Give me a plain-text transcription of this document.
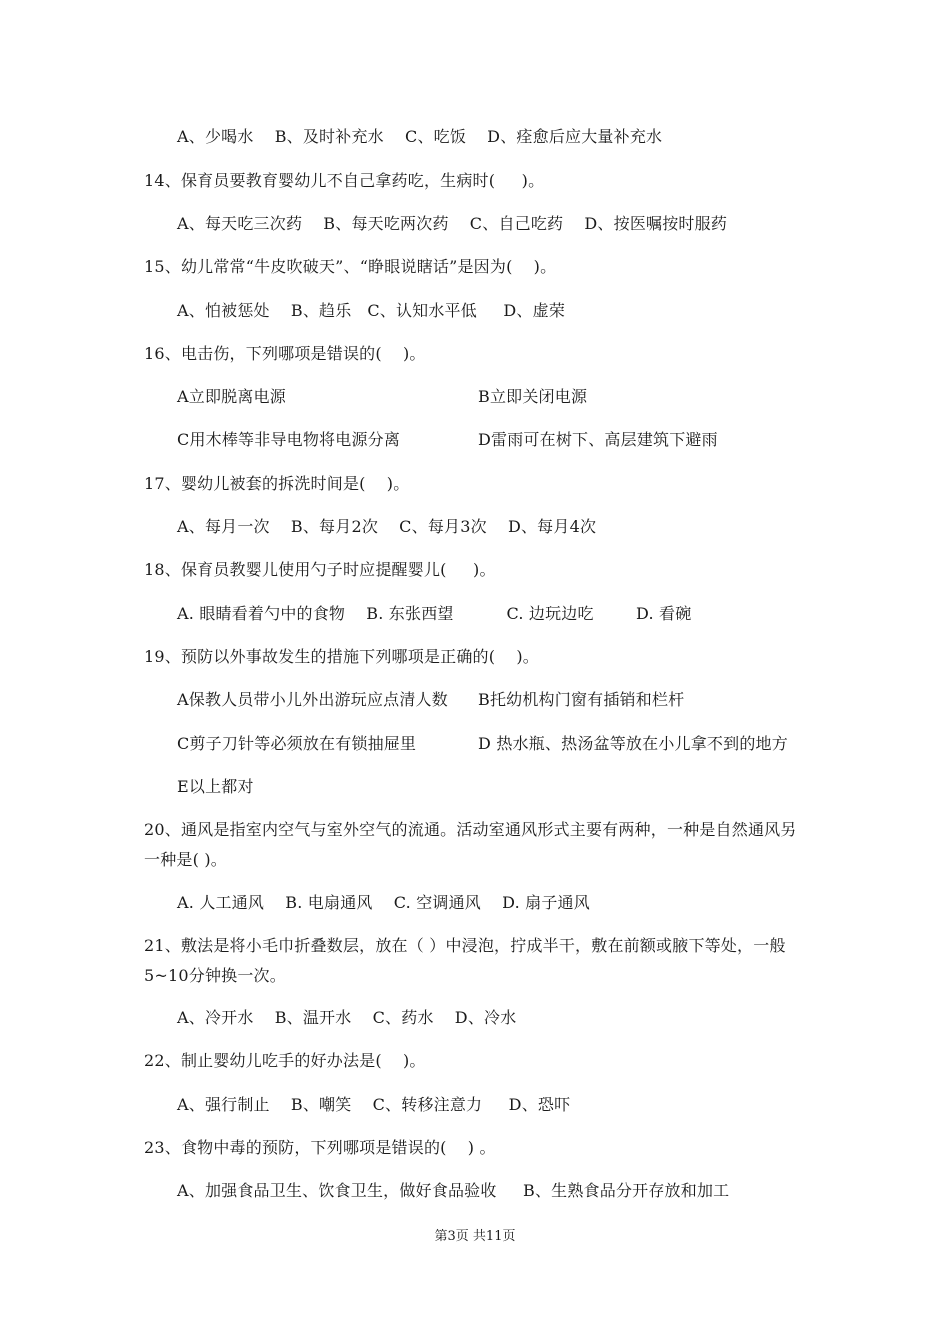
A、少喝水    B、及时补充水    C、吃饭    D、痊愈后应大量补充水
14、保育员要教育婴幼儿不自己拿药吃，生病时(     )。
A、每天吃三次药    B、每天吃两次药    C、自己吃药    D、按医嘱按时服药
15、幼儿常常“牛皮吹破天”、“睁眼说瞎话”是因为(    )。
A、怕被惩处    B、趋乐   C、认知水平低     D、虚荣
16、电击伤，下列哪项是错误的(    )。
A立即脱离电源	B立即关闭电源
C用木棒等非导电物将电源分离	D雷雨可在树下、高层建筑下避雨
17、婴幼儿被套的拆洗时间是(    )。
A、每月一次    B、每月2次    C、每月3次    D、每月4次
18、保育员教婴儿使用勺子时应提醒婴儿(     )。
A. 眼睛看着勺中的食物    B. 东张西望          C. 边玩边吃        D. 看碗
19、预防以外事故发生的措施下列哪项是正确的(    )。
A保教人员带小儿外出游玩应点清人数 B托幼机构门窗有插销和栏杆
C剪子刀针等必须放在有锁抽屉里	D 热水瓶、热汤盆等放在小儿拿不到的地方
E以上都对
20、通风是指室内空气与室外空气的流通。活动室通风形式主要有两种，一种是自然通风另一种是( )。
A. 人工通风    B. 电扇通风    C. 空调通风    D. 扇子通风
21、敷法是将小毛巾折叠数层，放在（ ）中浸泡，拧成半干，敷在前额或腋下等处，一般5~10分钟换一次。
A、冷开水    B、温开水    C、药水    D、冷水
22、制止婴幼儿吃手的好办法是(    )。
A、强行制止    B、嘲笑    C、转移注意力     D、恐吓
23、食物中毒的预防，下列哪项是错误的(    ) 。
A、加强食品卫生、饮食卫生，做好食品验收     B、生熟食品分开存放和加工
第3页 共11页
